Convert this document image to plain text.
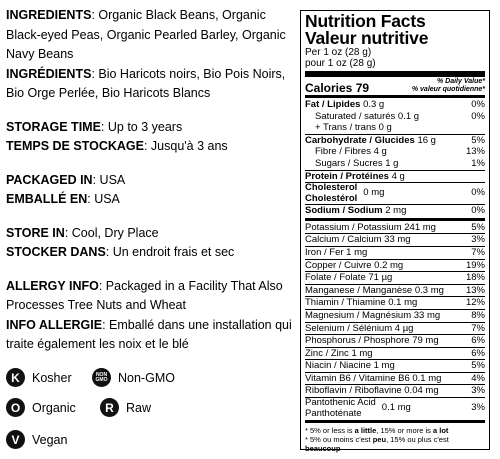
INGREDIENTS: Organic Black Beans, Organic Black-eyed Peas, Organic Pearled Barley, Organic Navy Beans

INGRÉDIENTS: Bio Haricots noirs, Bio Pois Noirs, Bio Orge Perlée, Bio Haricots Blancs

STORAGE TIME: Up to 3 years

TEMPS DE STOCKAGE: Jusqu'à 3 ans

PACKAGED IN: USA

EMBALLÉ EN: USA

STORE IN: Cool, Dry Place

STOCKER DANS: Un endroit frais et sec

ALLERGY INFO: Packaged in a Facility That Also Processes Tree Nuts and Wheat

INFO ALLERGIE: Emballé dans une installation qui traite également les noix et le blé

K Kosher	NON GMO Non-GMO
O Organic	R Raw
V	Vegan
Nutrition Facts
Valeur nutritive
Per 1 oz (28 g)
pour 1 oz (28 g)
Calories 79	% Daily Value*
% valeur quotidienne*
Fat / Lipides 0.3 g	0%
Saturated / saturés 0.1 g	0%
+ Trans / trans 0 g
Carbohydrate / Glucides 16 g	5%
Fibre / Fibres 4 g	13%
Sugars / Sucres 1 g	1%
Protein / Protéines 4 g
Cholesterol
Cholestérol 0 mg	0%
Sodium / Sodium 2 mg	0%
Potassium / Potassium 241 mg	5%
Calcium / Calcium 33 mg	3%
Iron / Fer 1 mg	7%
Copper / Cuivre 0.2 mg	19%
Folate / Folate 71 µg	18%
Manganese / Manganèse 0.3 mg 13%
Thiamin / Thiamine 0.1 mg	12%
Magnesium / Magnésium 33 mg	8%
Selenium / Sélénium 4 µg	7%
Phosphorus / Phosphore 79 mg	6%
Zinc / Zinc 1 mg	6%
Niacin / Niacine 1 mg	5%
Vitamin B6 / Vitamine B6 0.1 mg	4%
Riboflavin / Riboflavine 0.04 mg	3%
Pantothenic Acid
Panthoténate	0.1 mg	3%
* 5% or less is a little, 15% or more is a lot
* 5% ou moins c'est peu, 15% ou plus c'est beaucoup
